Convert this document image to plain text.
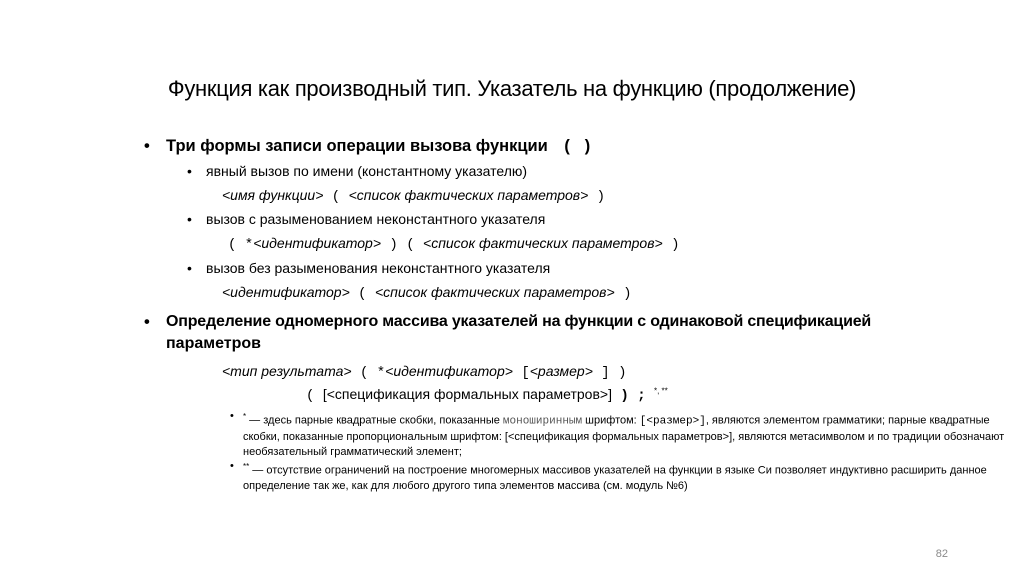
Функция как производный тип. Указатель на функцию (продолжение)
• Три формы записи операции вызова функции ( )
• явный вызов по имени (константному указателю)
<имя функции> ( <список фактических параметров> )
• вызов с разыменованием неконстантного указателя
( *<идентификатор> ) ( <список фактических параметров> )
• вызов без разыменования неконстантного указателя
<идентификатор> ( <список фактических параметров> )
• Определение одномерного массива указателей на функции с одинаковой спецификацией
параметров
<тип результата> ( *<идентификатор> [<размер> ] )
( [<спецификация формальных параметров>] ) ; *, **
• * — здесь парные квадратные скобки, показанные моноширинным шрифтом: [<размер>], являются элементом грамматики; парные квадратные скобки, показанные пропорциональным шрифтом: [<спецификация формальных параметров>], являются метасимволом и по традиции обозначают необязательный грамматический элемент;
• ** — отсутствие ограничений на построение многомерных массивов указателей на функции в языке Си позволяет индуктивно расширить данное определение так же, как для любого другого типа элементов массива (см. модуль №6)
82
